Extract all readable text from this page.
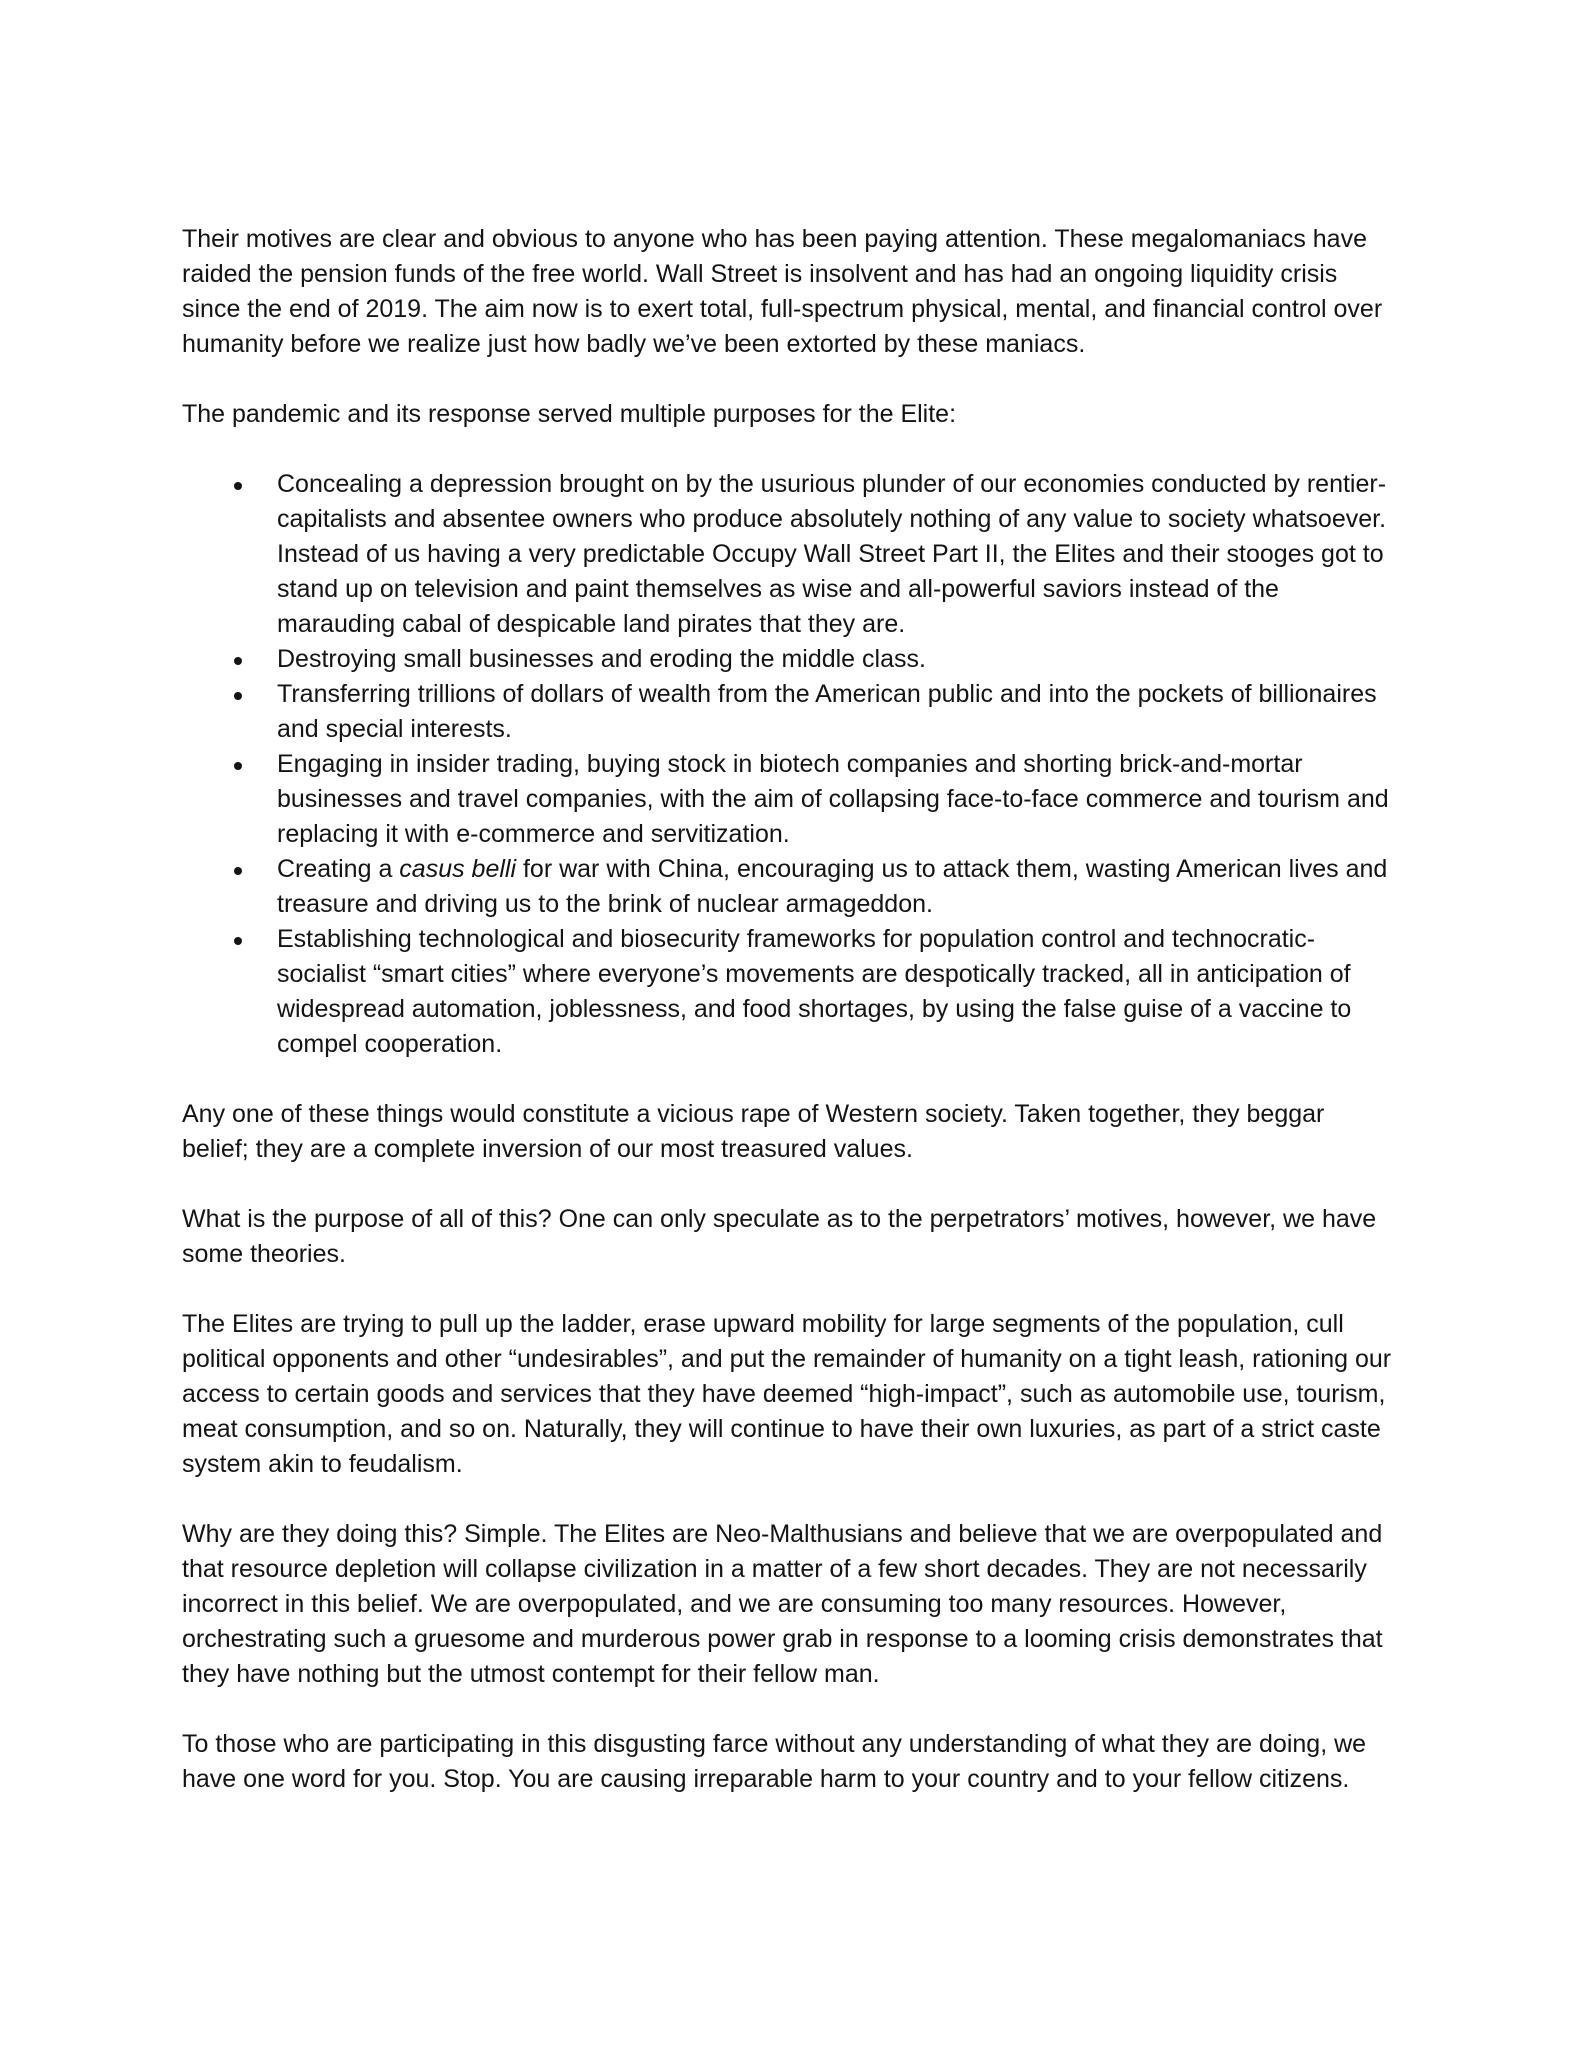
Their motives are clear and obvious to anyone who has been paying attention. These megalomaniacs have raided the pension funds of the free world. Wall Street is insolvent and has had an ongoing liquidity crisis since the end of 2019. The aim now is to exert total, full-spectrum physical, mental, and financial control over humanity before we realize just how badly we’ve been extorted by these maniacs.

The pandemic and its response served multiple purposes for the Elite:

Concealing a depression brought on by the usurious plunder of our economies conducted by rentier-capitalists and absentee owners who produce absolutely nothing of any value to society whatsoever. Instead of us having a very predictable Occupy Wall Street Part II, the Elites and their stooges got to stand up on television and paint themselves as wise and all-powerful saviors instead of the marauding cabal of despicable land pirates that they are.
Destroying small businesses and eroding the middle class.
Transferring trillions of dollars of wealth from the American public and into the pockets of billionaires and special interests.
Engaging in insider trading, buying stock in biotech companies and shorting brick-and-mortar businesses and travel companies, with the aim of collapsing face-to-face commerce and tourism and replacing it with e-commerce and servitization.
Creating a casus belli for war with China, encouraging us to attack them, wasting American lives and treasure and driving us to the brink of nuclear armageddon.
Establishing technological and biosecurity frameworks for population control and technocratic-socialist “smart cities” where everyone’s movements are despotically tracked, all in anticipation of widespread automation, joblessness, and food shortages, by using the false guise of a vaccine to compel cooperation.

Any one of these things would constitute a vicious rape of Western society. Taken together, they beggar belief; they are a complete inversion of our most treasured values.

What is the purpose of all of this? One can only speculate as to the perpetrators’ motives, however, we have some theories.

The Elites are trying to pull up the ladder, erase upward mobility for large segments of the population, cull political opponents and other “undesirables”, and put the remainder of humanity on a tight leash, rationing our access to certain goods and services that they have deemed “high-impact”, such as automobile use, tourism, meat consumption, and so on. Naturally, they will continue to have their own luxuries, as part of a strict caste system akin to feudalism.

Why are they doing this? Simple. The Elites are Neo-Malthusians and believe that we are overpopulated and that resource depletion will collapse civilization in a matter of a few short decades. They are not necessarily incorrect in this belief. We are overpopulated, and we are consuming too many resources. However, orchestrating such a gruesome and murderous power grab in response to a looming crisis demonstrates that they have nothing but the utmost contempt for their fellow man.

To those who are participating in this disgusting farce without any understanding of what they are doing, we have one word for you. Stop. You are causing irreparable harm to your country and to your fellow citizens.
